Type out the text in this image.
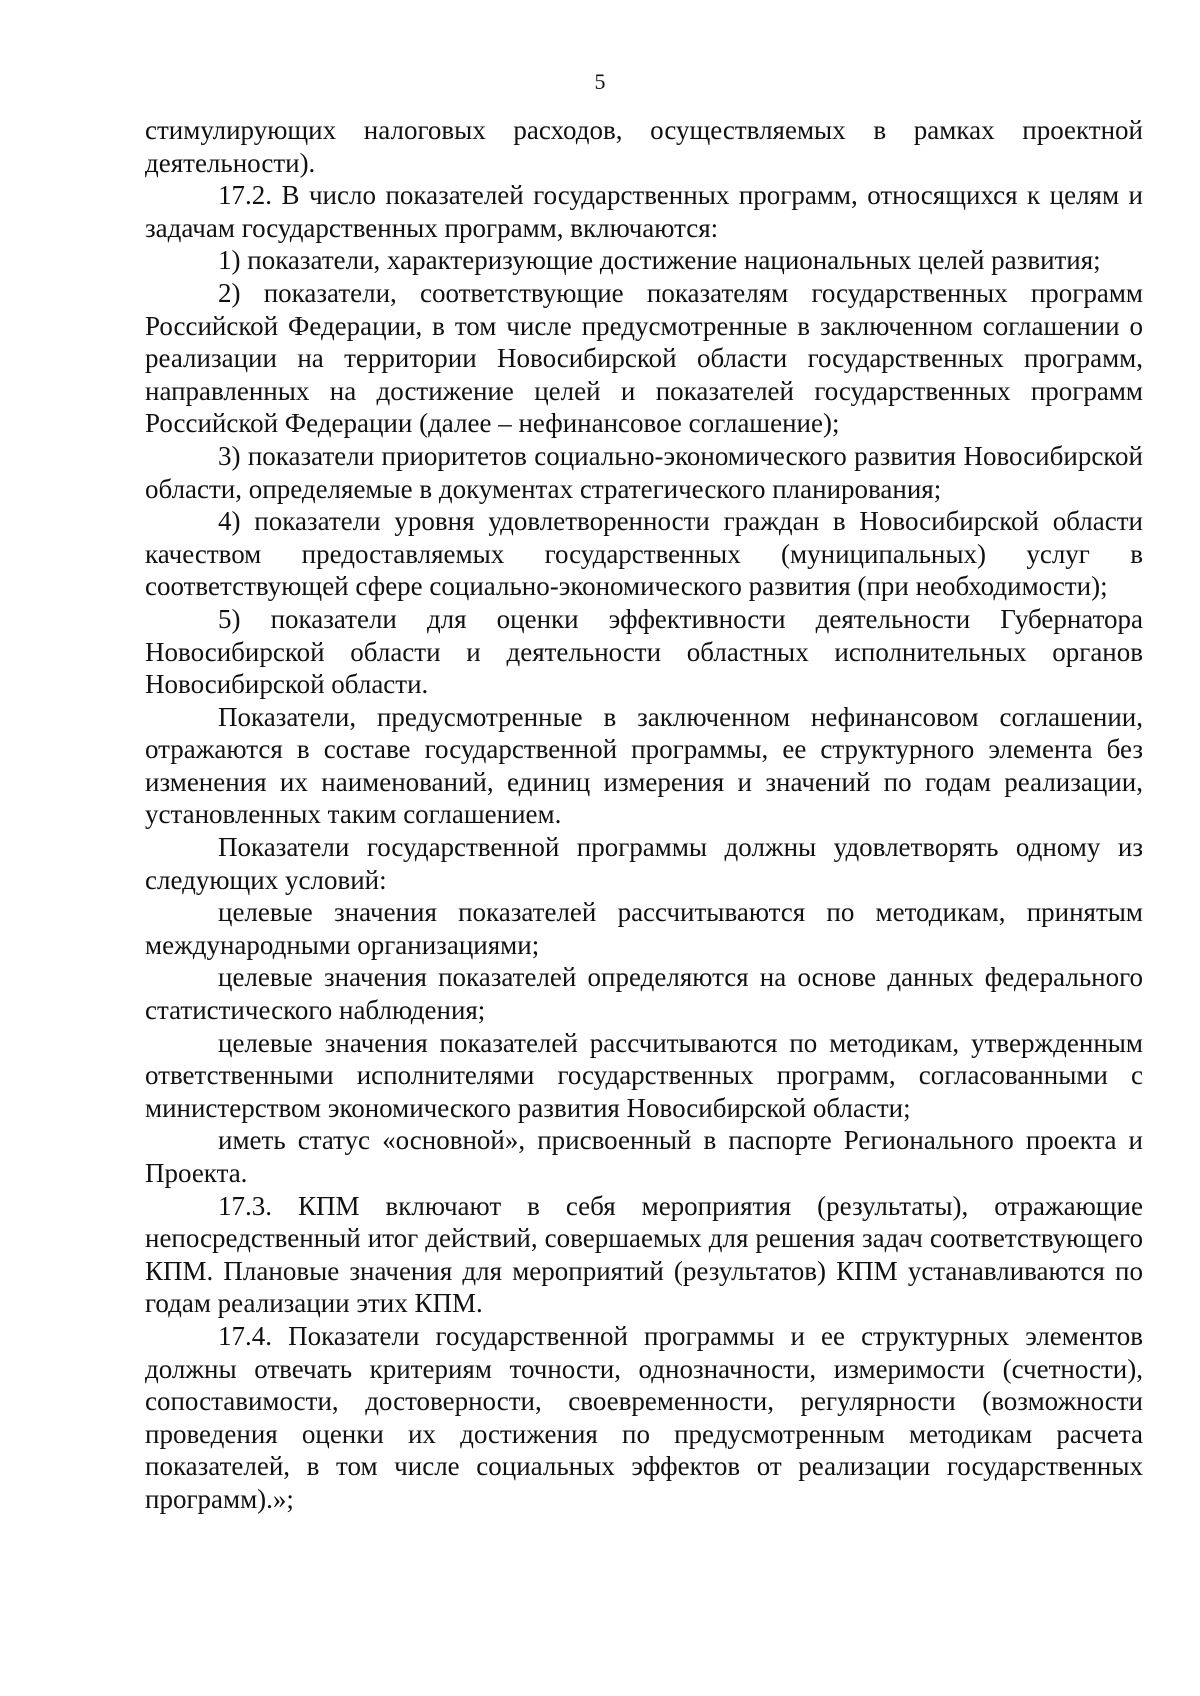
5

стимулирующих налоговых расходов, осуществляемых в рамках проектной деятельности).

17.2. В число показателей государственных программ, относящихся к целям и задачам государственных программ, включаются:

1) показатели, характеризующие достижение национальных целей развития;

2) показатели, соответствующие показателям государственных программ Российской Федерации, в том числе предусмотренные в заключенном соглашении о реализации на территории Новосибирской области государственных программ, направленных на достижение целей и показателей государственных программ Российской Федерации (далее – нефинансовое соглашение);

3) показатели приоритетов социально-экономического развития Новосибирской области, определяемые в документах стратегического планирования;

4) показатели уровня удовлетворенности граждан в Новосибирской области качеством предоставляемых государственных (муниципальных) услуг в соответствующей сфере социально-экономического развития (при необходимости);

5) показатели для оценки эффективности деятельности Губернатора Новосибирской области и деятельности областных исполнительных органов Новосибирской области.

Показатели, предусмотренные в заключенном нефинансовом соглашении, отражаются в составе государственной программы, ее структурного элемента без изменения их наименований, единиц измерения и значений по годам реализации, установленных таким соглашением.

Показатели государственной программы должны удовлетворять одному из следующих условий:

целевые значения показателей рассчитываются по методикам, принятым международными организациями;

целевые значения показателей определяются на основе данных федерального статистического наблюдения;

целевые значения показателей рассчитываются по методикам, утвержденным ответственными исполнителями государственных программ, согласованными с министерством экономического развития Новосибирской области;

иметь статус «основной», присвоенный в паспорте Регионального проекта и Проекта.

17.3. КПМ включают в себя мероприятия (результаты), отражающие непосредственный итог действий, совершаемых для решения задач соответствующего КПМ. Плановые значения для мероприятий (результатов) КПМ устанавливаются по годам реализации этих КПМ.

17.4. Показатели государственной программы и ее структурных элементов должны отвечать критериям точности, однозначности, измеримости (счетности), сопоставимости, достоверности, своевременности, регулярности (возможности проведения оценки их достижения по предусмотренным методикам расчета показателей, в том числе социальных эффектов от реализации государственных программ).»;
